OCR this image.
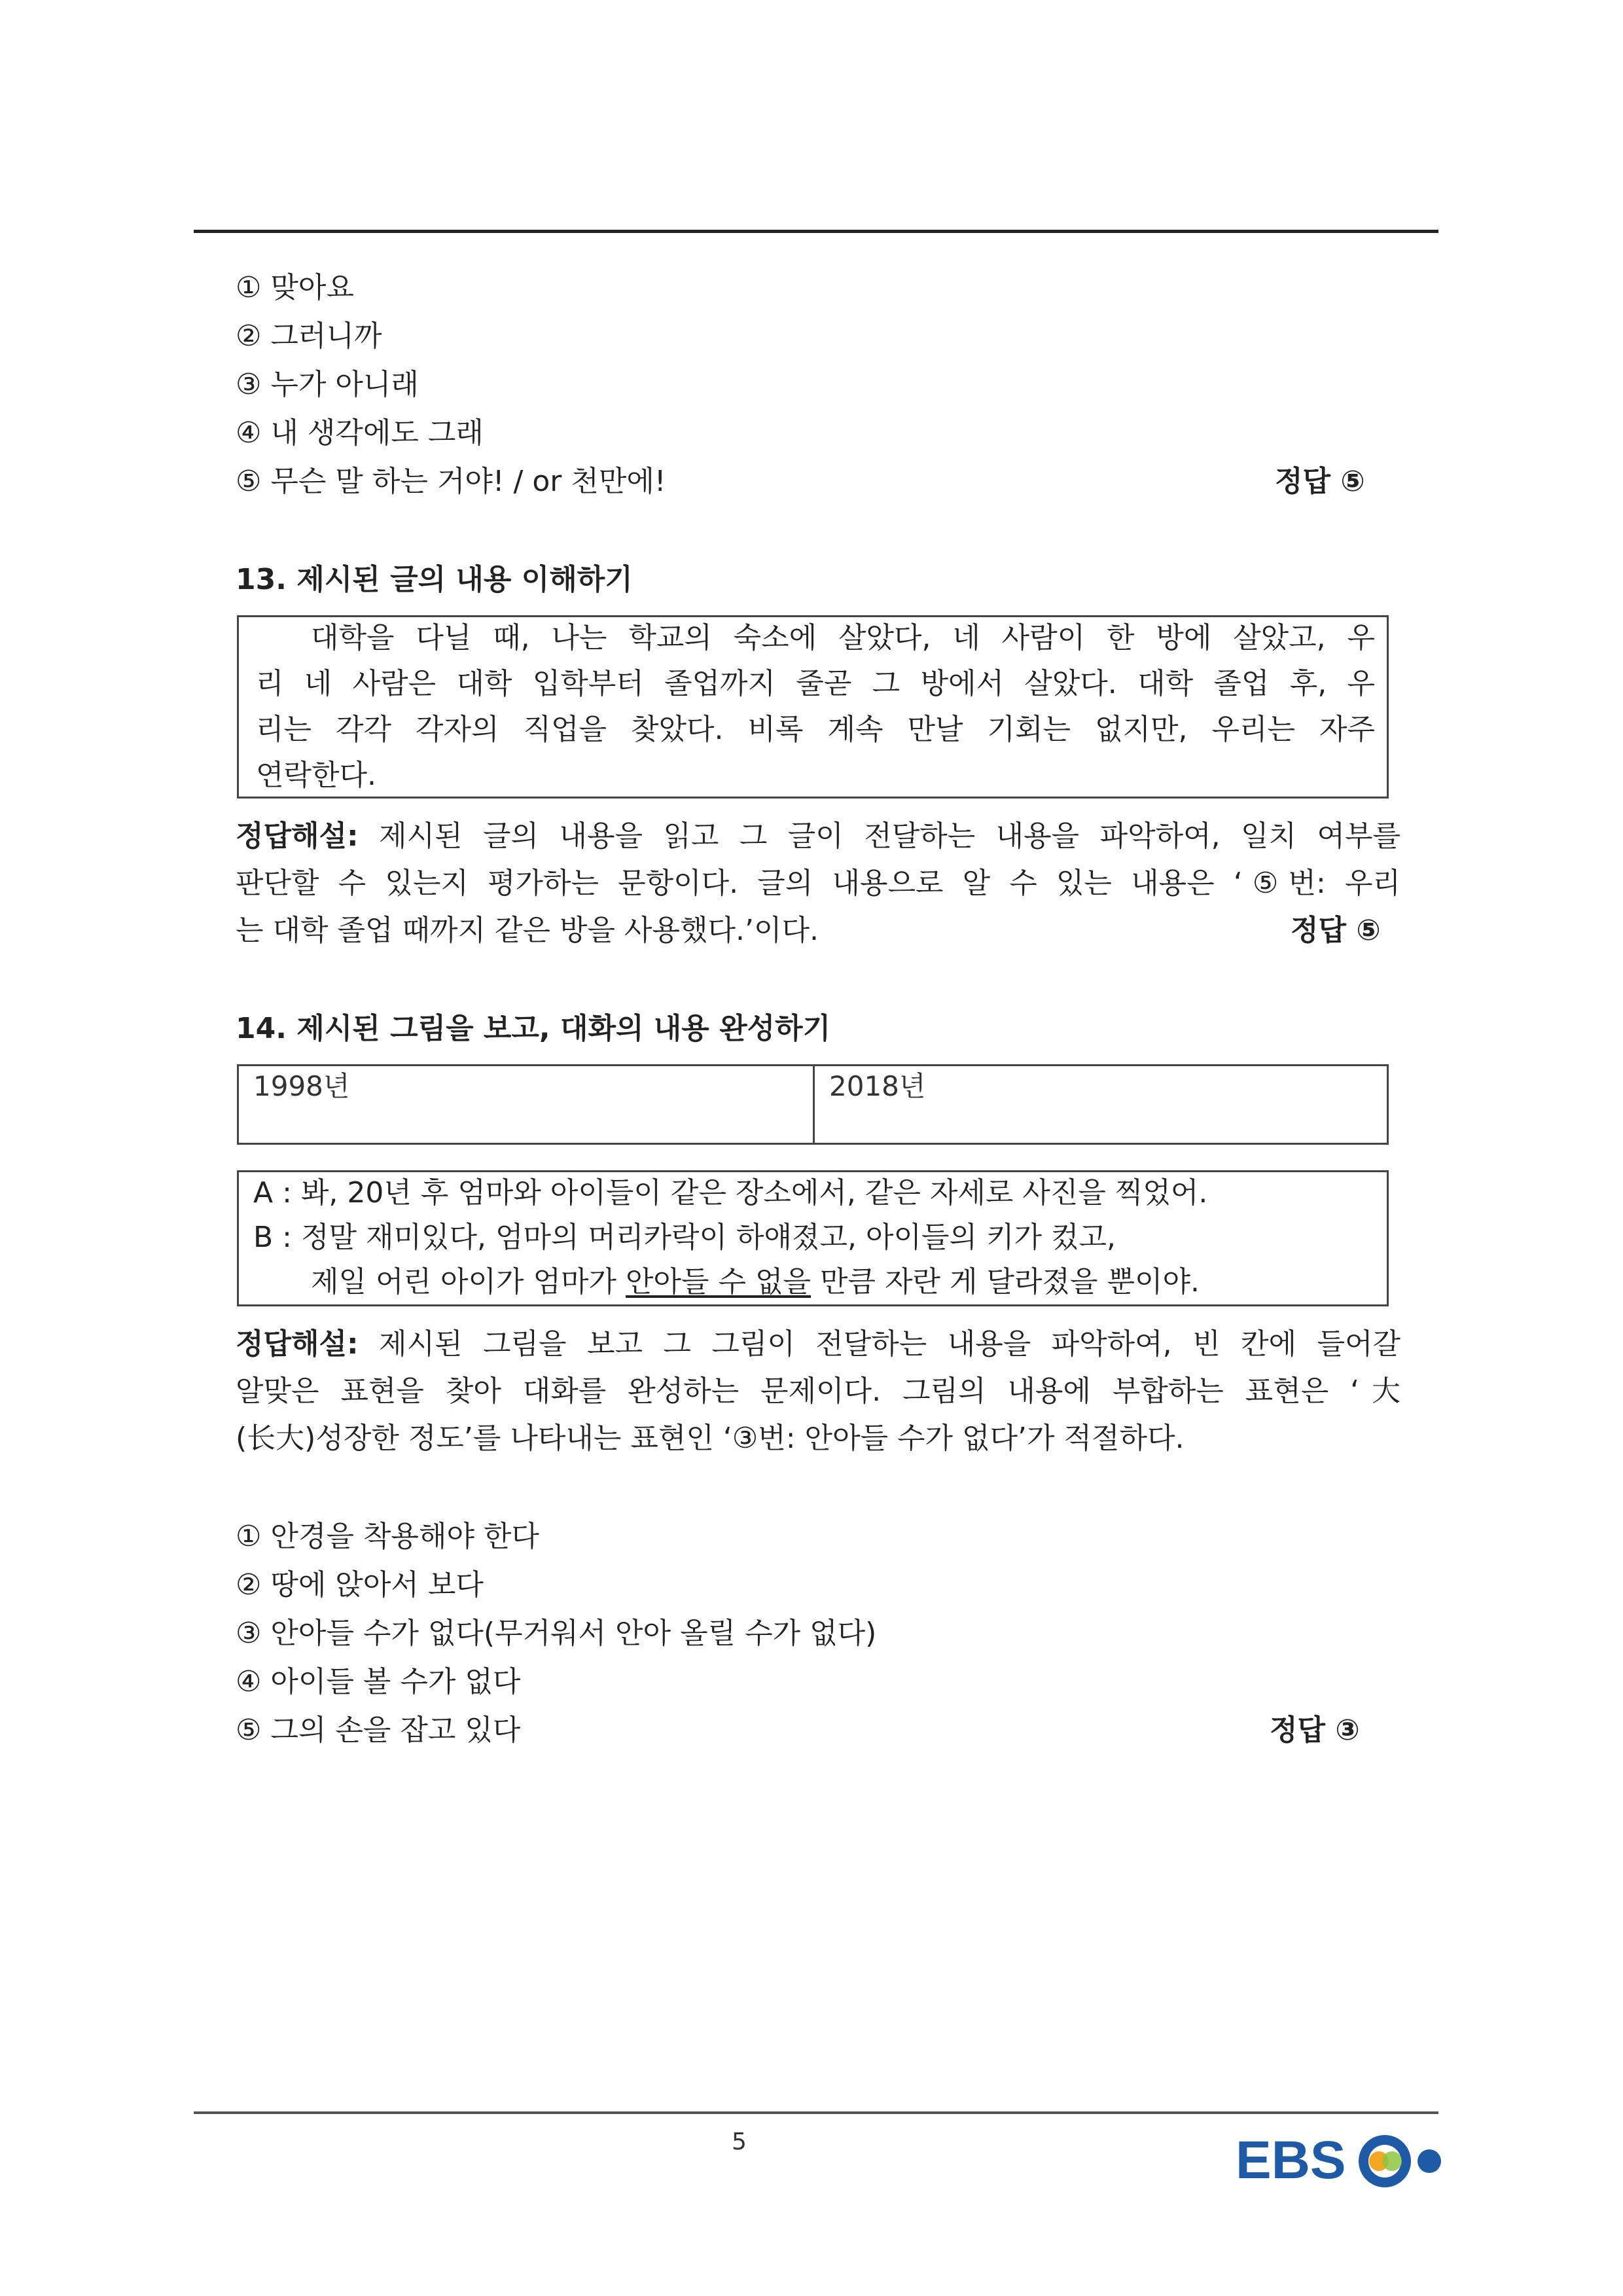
① 맞아요
② 그러니까
③ 누가 아니래
④ 내 생각에도 그래
⑤ 무슨 말 하는 거야! / or 천만에!	정답 ⑤
13. 제시된 글의 내용 이해하기
대학을 다닐 때, 나는 학교의 숙소에 살았다, 네 사람이 한 방에 살았고, 우
리 네 사람은 대학 입학부터 졸업까지 줄곧 그 방에서 살았다. 대학 졸업 후, 우
리는 각각 각자의 직업을 찾았다. 비록 계속 만날 기회는 없지만, 우리는 자주
연락한다.
정답해설: 제시된 글의 내용을 읽고 그 글이 전달하는 내용을 파악하여, 일치 여부를
판단할 수 있는지 평가하는 문항이다. 글의 내용으로 알 수 있는 내용은 ‘⑤번: 우리
는 대학 졸업 때까지 같은 방을 사용했다.’이다.	정답 ⑤
14. 제시된 그림을 보고, 대화의 내용 완성하기
1998년	2018년
A : 봐, 20년 후 엄마와 아이들이 같은 장소에서, 같은 자세로 사진을 찍었어.
B : 정말 재미있다, 엄마의 머리카락이 하얘졌고, 아이들의 키가 컸고,
제일 어린 아이가 엄마가 안아들 수 없을 만큼 자란 게 달라졌을 뿐이야.
정답해설: 제시된 그림을 보고 그 그림이 전달하는 내용을 파악하여, 빈 칸에 들어갈
알맞은 표현을 찾아 대화를 완성하는 문제이다. 그림의 내용에 부합하는 표현은 ‘大
(长大)성장한 정도’를 나타내는 표현인 ‘③번: 안아들 수가 없다’가 적절하다.
① 안경을 착용해야 한다
② 땅에 앉아서 보다
③ 안아들 수가 없다(무거워서 안아 올릴 수가 없다)
④ 아이들 볼 수가 없다
⑤ 그의 손을 잡고 있다	정답 ③
5	EBS
